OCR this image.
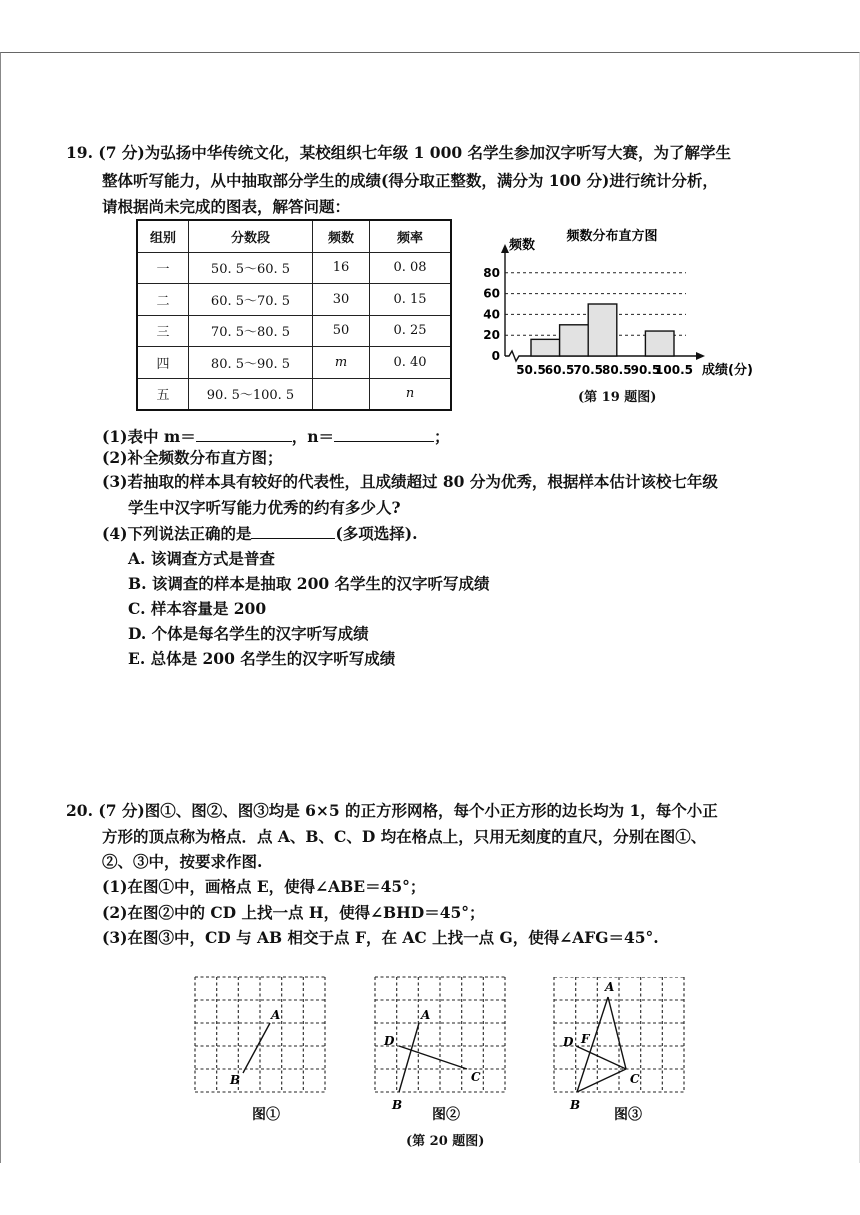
19. (7 分)为弘扬中华传统文化，某校组织七年级 1 000 名学生参加汉字听写大赛，为了解学生
整体听写能力，从中抽取部分学生的成绩(得分取正整数，满分为 100 分)进行统计分析，
请根据尚未完成的图表，解答问题：
组别	分数段	频数	频率
一	50. 5～60. 5	16	0. 08
二	60. 5～70. 5	30	0. 15
三	70. 5～80. 5	50	0. 25
四	80. 5～90. 5	m	0. 40
五	90. 5～100. 5		n
频数分布直方图
频数
成绩(分)
0
20
40
60
80
50.5
60.5
70.5
80.5
90.5
100.5
(第 19 题图)
(1)表中 m＝	，n＝	；
(2)补全频数分布直方图；
(3)若抽取的样本具有较好的代表性，且成绩超过 80 分为优秀，根据样本估计该校七年级
学生中汉字听写能力优秀的约有多少人?
(4)下列说法正确的是	(多项选择).
A. 该调查方式是普查
B. 该调查的样本是抽取 200 名学生的汉字听写成绩
C. 样本容量是 200
D. 个体是每名学生的汉字听写成绩
E. 总体是 200 名学生的汉字听写成绩
20. (7 分)图①、图②、图③均是 6×5 的正方形网格，每个小正方形的边长均为 1，每个小正
方形的顶点称为格点．点 A、B、C、D 均在格点上，只用无刻度的直尺，分别在图①、
②、③中，按要求作图.
(1)在图①中，画格点 E，使得∠ABE＝45°；
(2)在图②中的 CD 上找一点 H，使得∠BHD＝45°；
(3)在图③中，CD 与 AB 相交于点 F，在 AC 上找一点 G，使得∠AFG＝45°.
A
B
A
D
C
B
A
F
D
C
B
图①	图②	图③
(第 20 题图)
